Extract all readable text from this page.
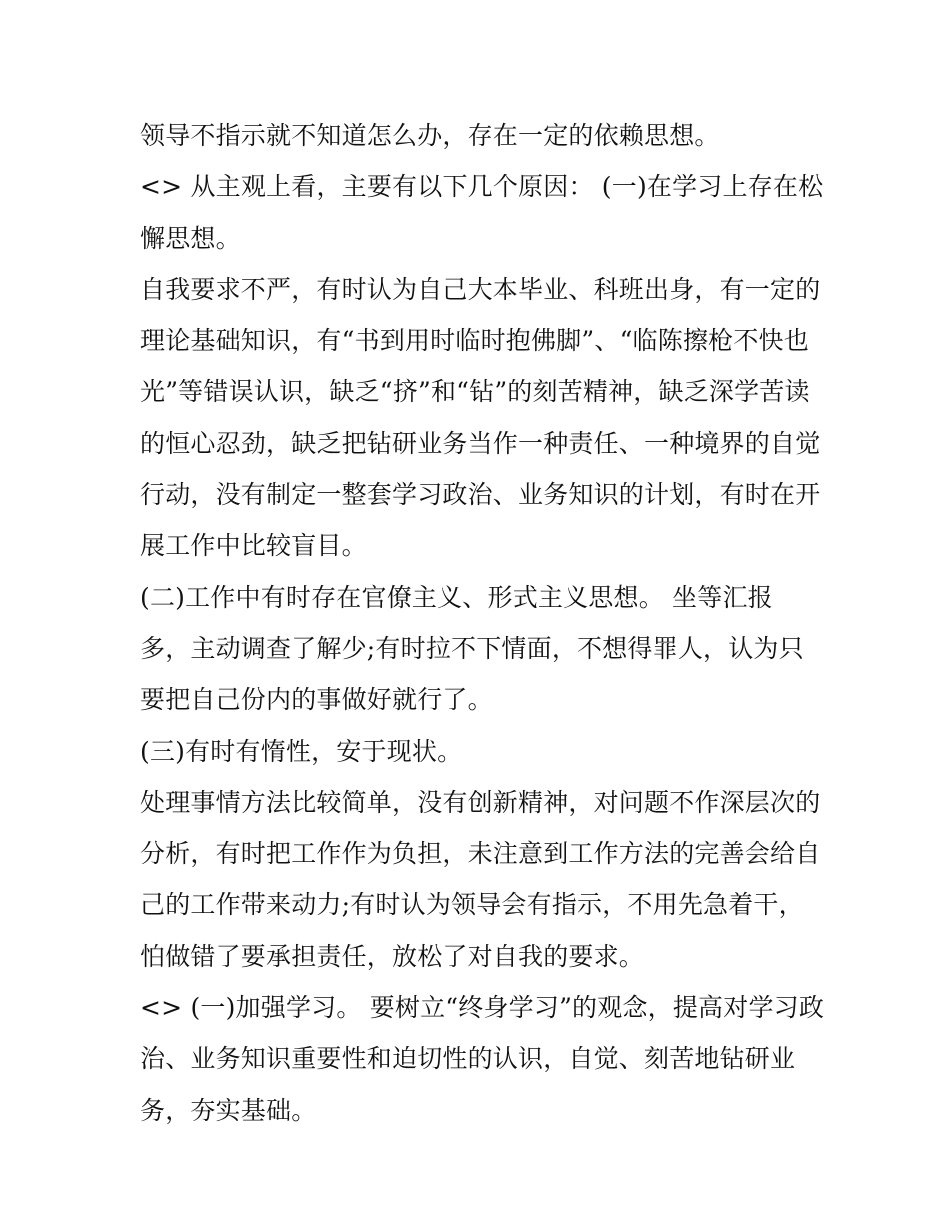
领导不指示就不知道怎么办，存在一定的依赖思想。
<> 从主观上看，主要有以下几个原因： (一)在学习上存在松
懈思想。
自我要求不严，有时认为自己大本毕业、科班出身，有一定的
理论基础知识，有“书到用时临时抱佛脚”、“临陈擦枪不快也
光”等错误认识，缺乏“挤”和“钻”的刻苦精神，缺乏深学苦读
的恒心忍劲，缺乏把钻研业务当作一种责任、一种境界的自觉
行动，没有制定一整套学习政治、业务知识的计划，有时在开
展工作中比较盲目。
(二)工作中有时存在官僚主义、形式主义思想。 坐等汇报
多，主动调查了解少;有时拉不下情面，不想得罪人，认为只
要把自己份内的事做好就行了。
(三)有时有惰性，安于现状。
处理事情方法比较简单，没有创新精神，对问题不作深层次的
分析，有时把工作作为负担，未注意到工作方法的完善会给自
己的工作带来动力;有时认为领导会有指示，不用先急着干，
怕做错了要承担责任，放松了对自我的要求。
<> (一)加强学习。 要树立“终身学习”的观念，提高对学习政
治、业务知识重要性和迫切性的认识，自觉、刻苦地钻研业
务，夯实基础。
